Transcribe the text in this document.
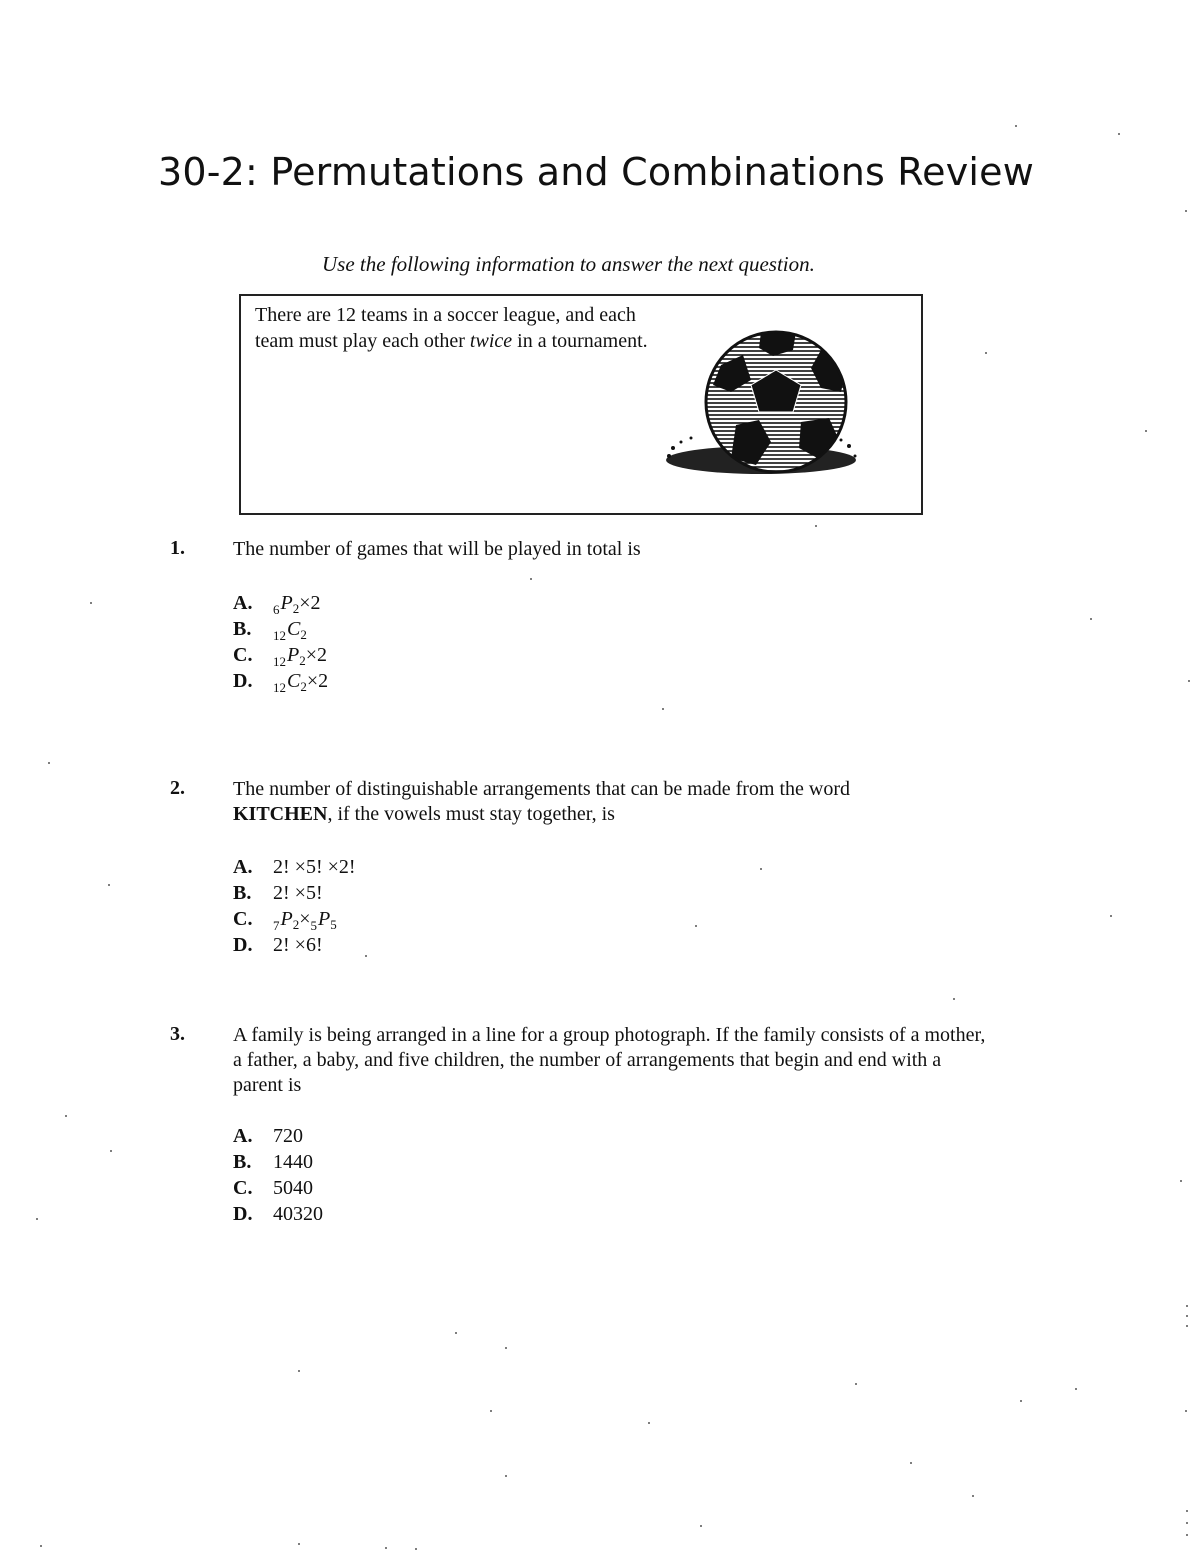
30-2: Permutations and Combinations Review
Use the following information to answer the next question.
There are 12 teams in a soccer league, and each team must play each other twice in a tournament.
1. The number of games that will be played in total is
A.	$_6P_2\times 2$
B.	$_{12}C_2$
C.	$_{12}P_2\times 2$
D.	$_{12}C_2\times 2$
2. The number of distinguishable arrangements that can be made from the word KITCHEN, if the vowels must stay together, is
A.	2! ×5! ×2!
B.	2! ×5!
C.	$_7P_2\times_5P_5$
D.	2! ×6!
3. A family is being arranged in a line for a group photograph. If the family consists of a mother, a father, a baby, and five children, the number of arrangements that begin and end with a parent is
A.	720
B.	1440
C.	5040
D.	40320
